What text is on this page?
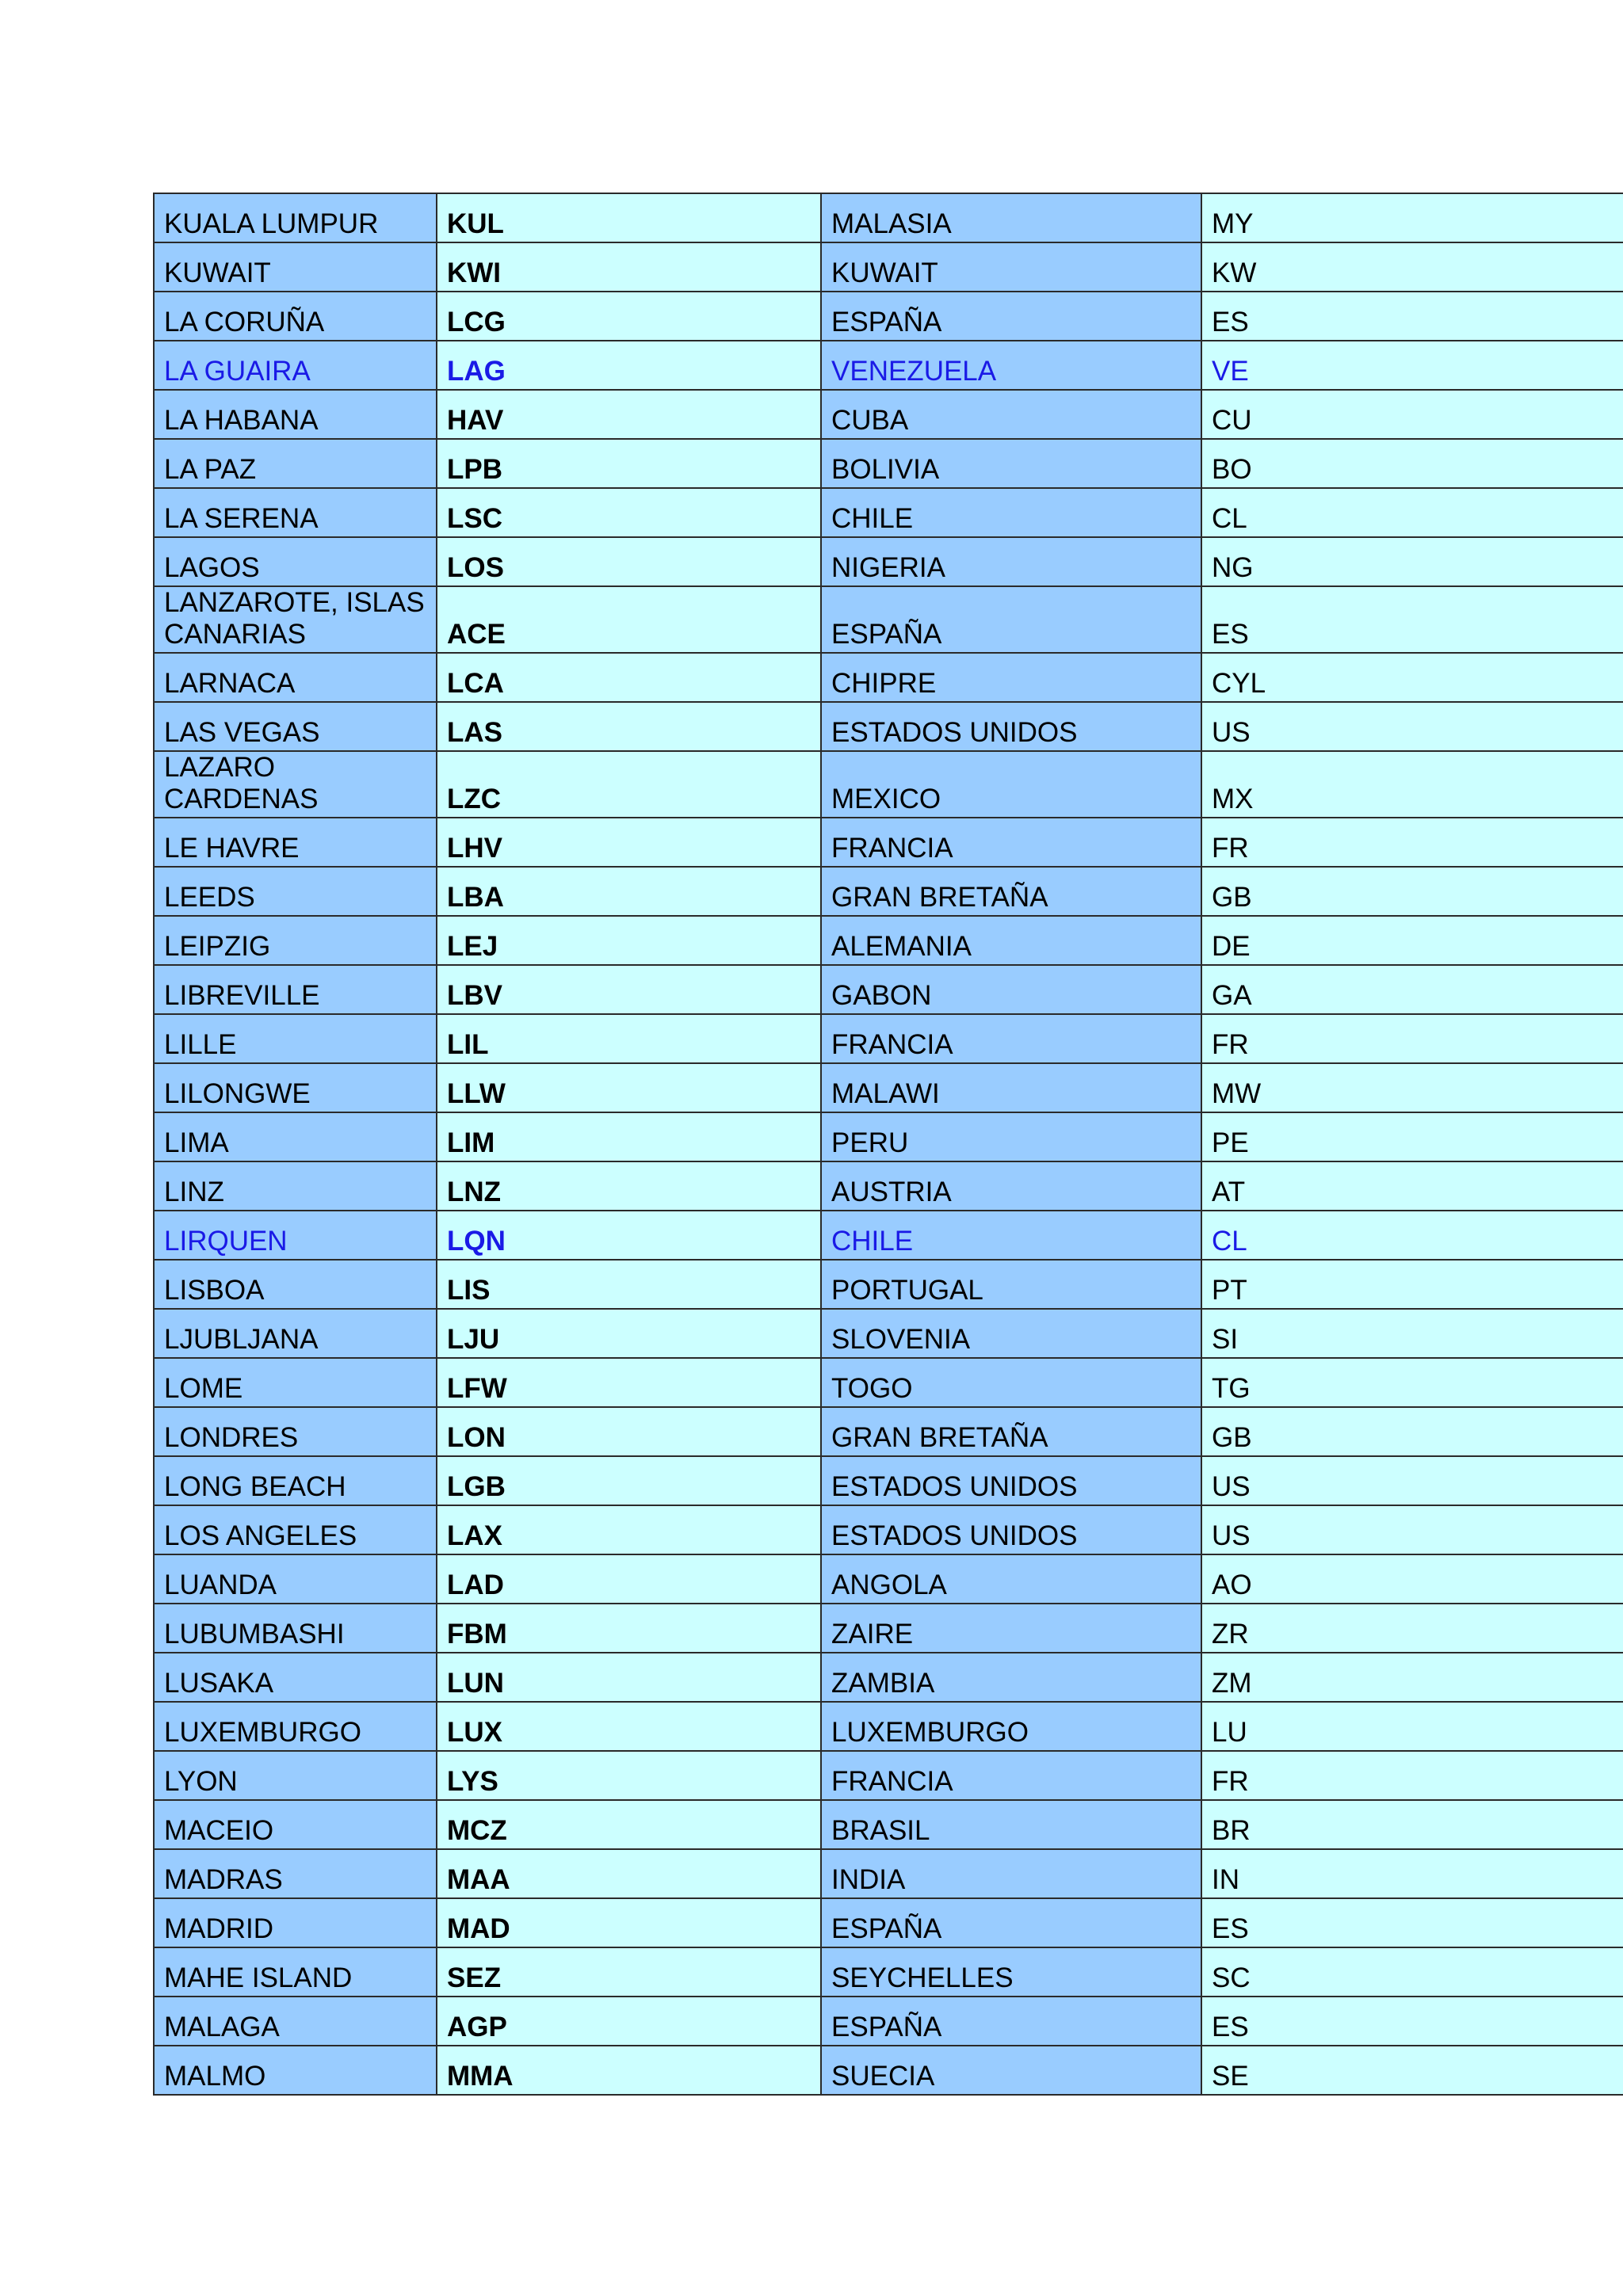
KUALA LUMPUR	KUL	MALASIA	MY
KUWAIT	KWI	KUWAIT	KW
LA CORUÑA	LCG	ESPAÑA	ES
LA GUAIRA	LAG	VENEZUELA	VE
LA HABANA	HAV	CUBA	CU
LA PAZ	LPB	BOLIVIA	BO
LA SERENA	LSC	CHILE	CL
LAGOS	LOS	NIGERIA	NG
LANZAROTE, ISLAS CANARIAS	ACE	ESPAÑA	ES
LARNACA	LCA	CHIPRE	CYL
LAS VEGAS	LAS	ESTADOS UNIDOS	US
LAZARO CARDENAS	LZC	MEXICO	MX
LE HAVRE	LHV	FRANCIA	FR
LEEDS	LBA	GRAN BRETAÑA	GB
LEIPZIG	LEJ	ALEMANIA	DE
LIBREVILLE	LBV	GABON	GA
LILLE	LIL	FRANCIA	FR
LILONGWE	LLW	MALAWI	MW
LIMA	LIM	PERU	PE
LINZ	LNZ	AUSTRIA	AT
LIRQUEN	LQN	CHILE	CL
LISBOA	LIS	PORTUGAL	PT
LJUBLJANA	LJU	SLOVENIA	SI
LOME	LFW	TOGO	TG
LONDRES	LON	GRAN BRETAÑA	GB
LONG BEACH	LGB	ESTADOS UNIDOS	US
LOS ANGELES	LAX	ESTADOS UNIDOS	US
LUANDA	LAD	ANGOLA	AO
LUBUMBASHI	FBM	ZAIRE	ZR
LUSAKA	LUN	ZAMBIA	ZM
LUXEMBURGO	LUX	LUXEMBURGO	LU
LYON	LYS	FRANCIA	FR
MACEIO	MCZ	BRASIL	BR
MADRAS	MAA	INDIA	IN
MADRID	MAD	ESPAÑA	ES
MAHE ISLAND	SEZ	SEYCHELLES	SC
MALAGA	AGP	ESPAÑA	ES
MALMO	MMA	SUECIA	SE
